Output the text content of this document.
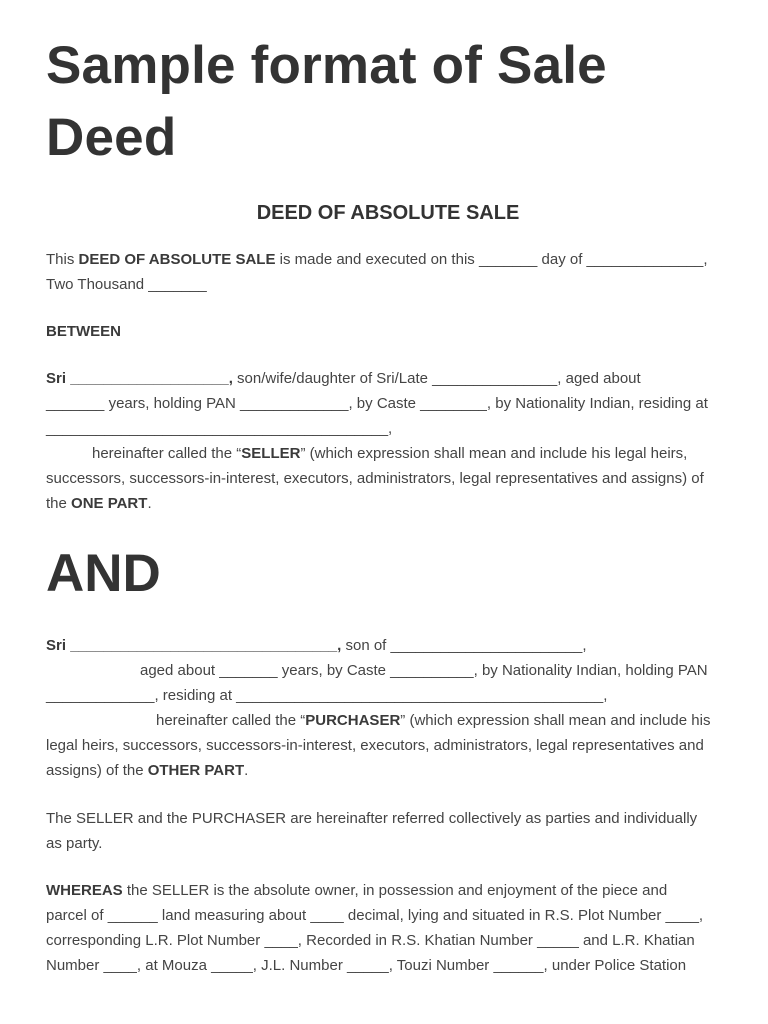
Sample format of Sale Deed
DEED OF ABSOLUTE SALE
This DEED OF ABSOLUTE SALE is made and executed on this _______ day of ______________,
Two Thousand _______
BETWEEN
Sri ___________________, son/wife/daughter of Sri/Late _______________, aged about
_______ years, holding PAN _____________, by Caste ________, by Nationality Indian, residing at
_________________________________________,
hereinafter called the “SELLER” (which expression shall mean and include his legal heirs,
successors, successors-in-interest, executors, administrators, legal representatives and assigns) of
the ONE PART.
AND
Sri ________________________________, son of _______________________,
aged about _______ years, by Caste __________, by Nationality Indian, holding PAN
_____________, residing at ____________________________________________,
hereinafter called the “PURCHASER” (which expression shall mean and include his
legal heirs, successors, successors-in-interest, executors, administrators, legal representatives and
assigns) of the OTHER PART.
The SELLER and the PURCHASER are hereinafter referred collectively as parties and individually
as party.
WHEREAS the SELLER is the absolute owner, in possession and enjoyment of the piece and
parcel of ______ land measuring about ____ decimal, lying and situated in R.S. Plot Number ____,
corresponding L.R. Plot Number ____, Recorded in R.S. Khatian Number _____ and L.R. Khatian
Number ____, at Mouza _____, J.L. Number _____, Touzi Number ______, under Police Station
